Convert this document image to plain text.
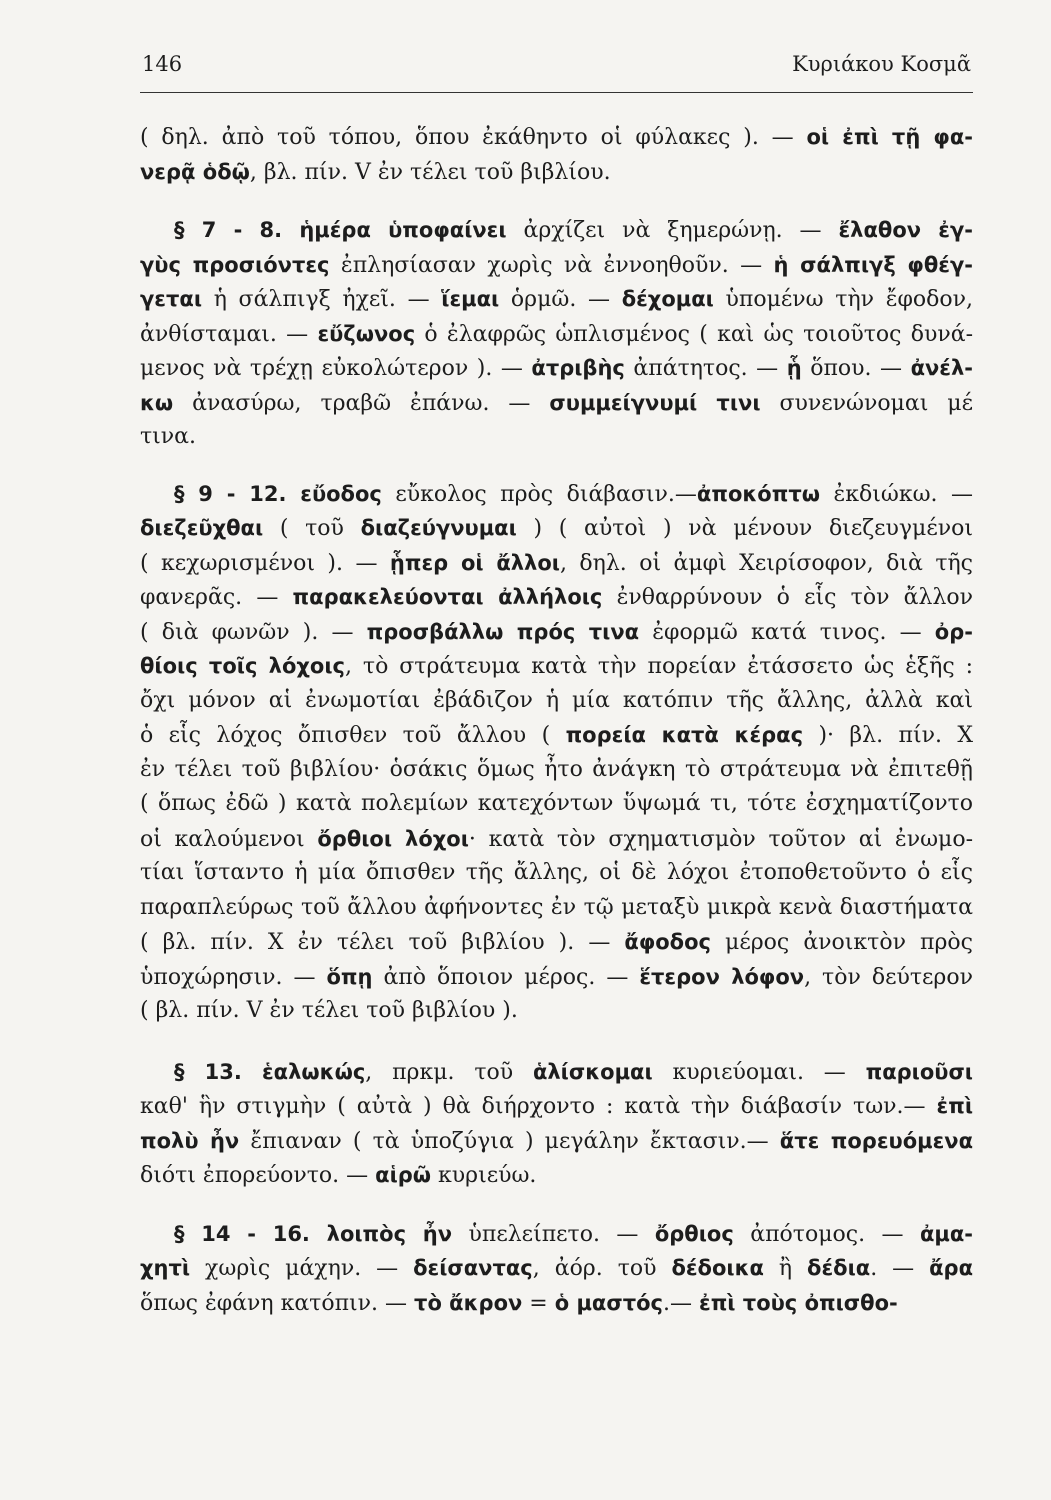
146	Κυριάκου Κοσμᾶ
( δηλ. ἀπὸ τοῦ τόπου, ὅπου ἐκάθηντο οἱ φύλακες ). — οἱ ἐπὶ τῇ φα-
νερᾷ ὁδῷ, βλ. πίν. V ἐν τέλει τοῦ βιβλίου.
§ 7 - 8. ἡμέρα ὑποφαίνει ἀρχίζει νὰ ξημερώνῃ. — ἔλαθον ἐγ-
γὺς προσιόντες ἐπλησίασαν χωρὶς νὰ ἐννοηθοῦν. — ἡ σάλπιγξ φθέγ-
γεται ἡ σάλπιγξ ἠχεῖ. — ἵεμαι ὁρμῶ. — δέχομαι ὑπομένω τὴν ἔφοδον,
ἀνθίσταμαι. — εὔζωνος ὁ ἐλαφρῶς ὡπλισμένος ( καὶ ὡς τοιοῦτος δυνά-
μενος νὰ τρέχῃ εὐκολώτερον ). — ἀτριβὴς ἀπάτητος. — ᾗ ὅπου. — ἀνέλ-
κω ἀνασύρω, τραβῶ ἐπάνω. — συμμείγνυμί τινι συνενώνομαι μέ
τινα.
§ 9 - 12. εὔοδος εὔκολος πρὸς διάβασιν.—ἀποκόπτω ἐκδιώκω. —
διεζεῦχθαι ( τοῦ διαζεύγνυμαι ) ( αὐτοὶ ) νὰ μένουν διεζευγμένοι
( κεχωρισμένοι ). — ᾗπερ οἱ ἄλλοι, δηλ. οἱ ἀμφὶ Χειρίσοφον, διὰ τῆς
φανερᾶς. — παρακελεύονται ἀλλήλοις ἐνθαρρύνουν ὁ εἷς τὸν ἄλλον
( διὰ φωνῶν ). — προσβάλλω πρός τινα ἐφορμῶ κατά τινος. — ὀρ-
θίοις τοῖς λόχοις, τὸ στράτευμα κατὰ τὴν πορείαν ἐτάσσετο ὡς ἑξῆς :
ὄχι μόνον αἱ ἐνωμοτίαι ἐβάδιζον ἡ μία κατόπιν τῆς ἄλλης, ἀλλὰ καὶ
ὁ εἷς λόχος ὄπισθεν τοῦ ἄλλου ( πορεία κατὰ κέρας )· βλ. πίν. X
ἐν τέλει τοῦ βιβλίου· ὁσάκις ὅμως ἦτο ἀνάγκη τὸ στράτευμα νὰ ἐπιτεθῇ
( ὅπως ἐδῶ ) κατὰ πολεμίων κατεχόντων ὕψωμά τι, τότε ἐσχηματίζοντο
οἱ καλούμενοι ὄρθιοι λόχοι· κατὰ τὸν σχηματισμὸν τοῦτον αἱ ἐνωμο-
τίαι ἵσταντο ἡ μία ὄπισθεν τῆς ἄλλης, οἱ δὲ λόχοι ἐτοποθετοῦντο ὁ εἷς
παραπλεύρως τοῦ ἄλλου ἀφήνοντες ἐν τῷ μεταξὺ μικρὰ κενὰ διαστήματα
( βλ. πίν. X ἐν τέλει τοῦ βιβλίου ). — ἄφοδος μέρος ἀνοικτὸν πρὸς
ὑποχώρησιν. — ὅπῃ ἀπὸ ὅποιον μέρος. — ἕτερον λόφον, τὸν δεύτερον
( βλ. πίν. V ἐν τέλει τοῦ βιβλίου ).
§ 13. ἑαλωκώς, πρκμ. τοῦ ἁλίσκομαι κυριεύομαι. — παριοῦσι
καθ' ἣν στιγμὴν ( αὐτὰ ) θὰ διήρχοντο : κατὰ τὴν διάβασίν των.— ἐπὶ
πολὺ ἦν ἔπιαναν ( τὰ ὑποζύγια ) μεγάλην ἔκτασιν.— ἅτε πορευόμενα
διότι ἐπορεύοντο. — αἱρῶ κυριεύω.
§ 14 - 16. λοιπὸς ἦν ὑπελείπετο. — ὄρθιος ἀπότομος. — ἀμα-
χητὶ χωρὶς μάχην. — δείσαντας, ἀόρ. τοῦ δέδοικα ἢ δέδια. — ἄρα
ὅπως ἐφάνη κατόπιν. — τὸ ἄκρον = ὁ μαστός.— ἐπὶ τοὺς ὀπισθο-
